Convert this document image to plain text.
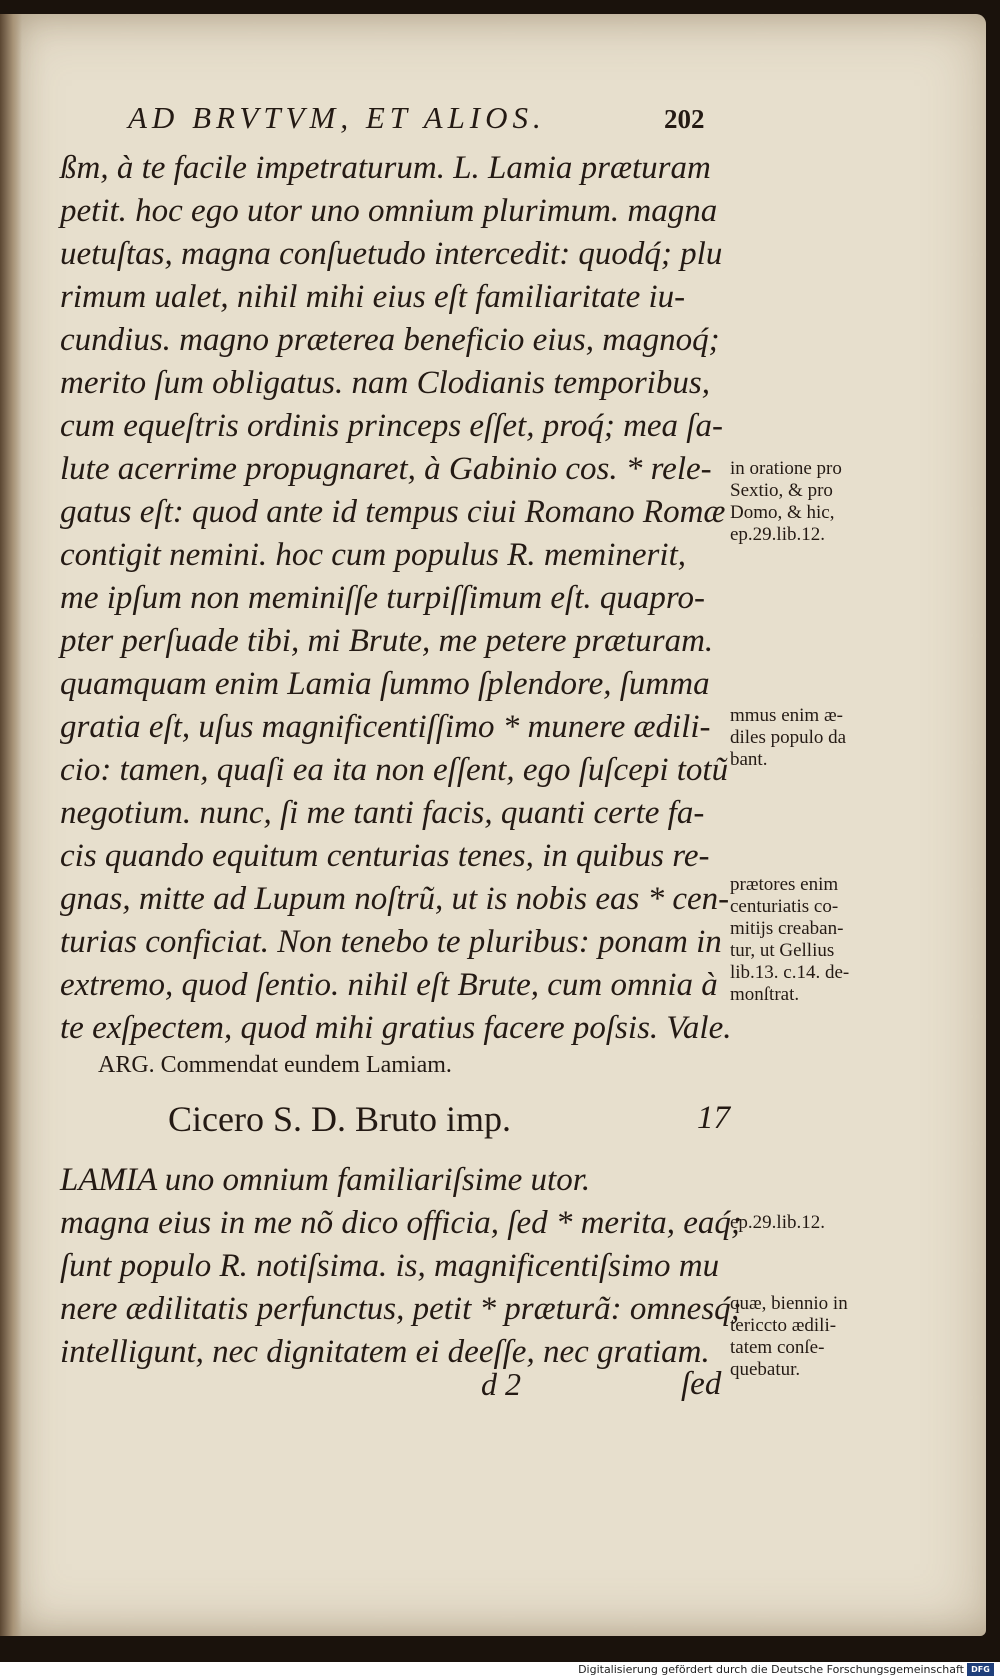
AD BRVTVM, ET ALIOS.	202
ßm, à te facile impetraturum. L. Lamia præturam
petit. hoc ego utor uno omnium plurimum. magna
uetuſtas, magna conſuetudo intercedit: quodq́; plu
rimum ualet, nihil mihi eius eſt familiaritate iu-
cundius. magno præterea beneficio eius, magnoq́;
merito ſum obligatus. nam Clodianis temporibus,
cum equeſtris ordinis princeps eſſet, proq́; mea ſa-
lute acerrime propugnaret, à Gabinio cos. * rele-
gatus eſt: quod ante id tempus ciui Romano Romæ
contigit nemini. hoc cum populus R. meminerit,
me ipſum non meminiſſe turpiſſimum eſt. quapro-
pter perſuade tibi, mi Brute, me petere præturam.
quamquam enim Lamia ſummo ſplendore, ſumma
gratia eſt, uſus magnificentiſſimo * munere ædili-
cio: tamen, quaſi ea ita non eſſent, ego ſuſcepi totũ
negotium. nunc, ſi me tanti facis, quanti certe fa-
cis quando equitum centurias tenes, in quibus re-
gnas, mitte ad Lupum noſtrũ, ut is nobis eas * cen-
turias conficiat. Non tenebo te pluribus: ponam in
extremo, quod ſentio. nihil eſt Brute, cum omnia à
te exſpectem, quod mihi gratius facere poſsis. Vale.
in oratione pro
Sextio, & pro
Domo, & hic,
ep.29.lib.12.
mmus enim æ-
diles populo da
bant.
prætores enim
centuriatis co-
mitijs creaban-
tur, ut Gellius
lib.13. c.14. de-
monſtrat.
ARG. Commendat eundem Lamiam.
Cicero S. D. Bruto imp.	17
LAMIA uno omnium familiariſsime utor.
magna eius in me nõ dico officia, ſed * merita, eaq́;
ſunt populo R. notiſsima. is, magnificentiſsimo mu
nere ædilitatis perfunctus, petit * præturã: omnesq́;
intelligunt, nec dignitatem ei deeſſe, nec gratiam.
ep.29.lib.12.
quæ, biennio in
tericcto ædili-
tatem conſe-
quebatur.
d 2	ſed
Digitalisierung gefördert durch die Deutsche Forschungsgemeinschaft DFG
